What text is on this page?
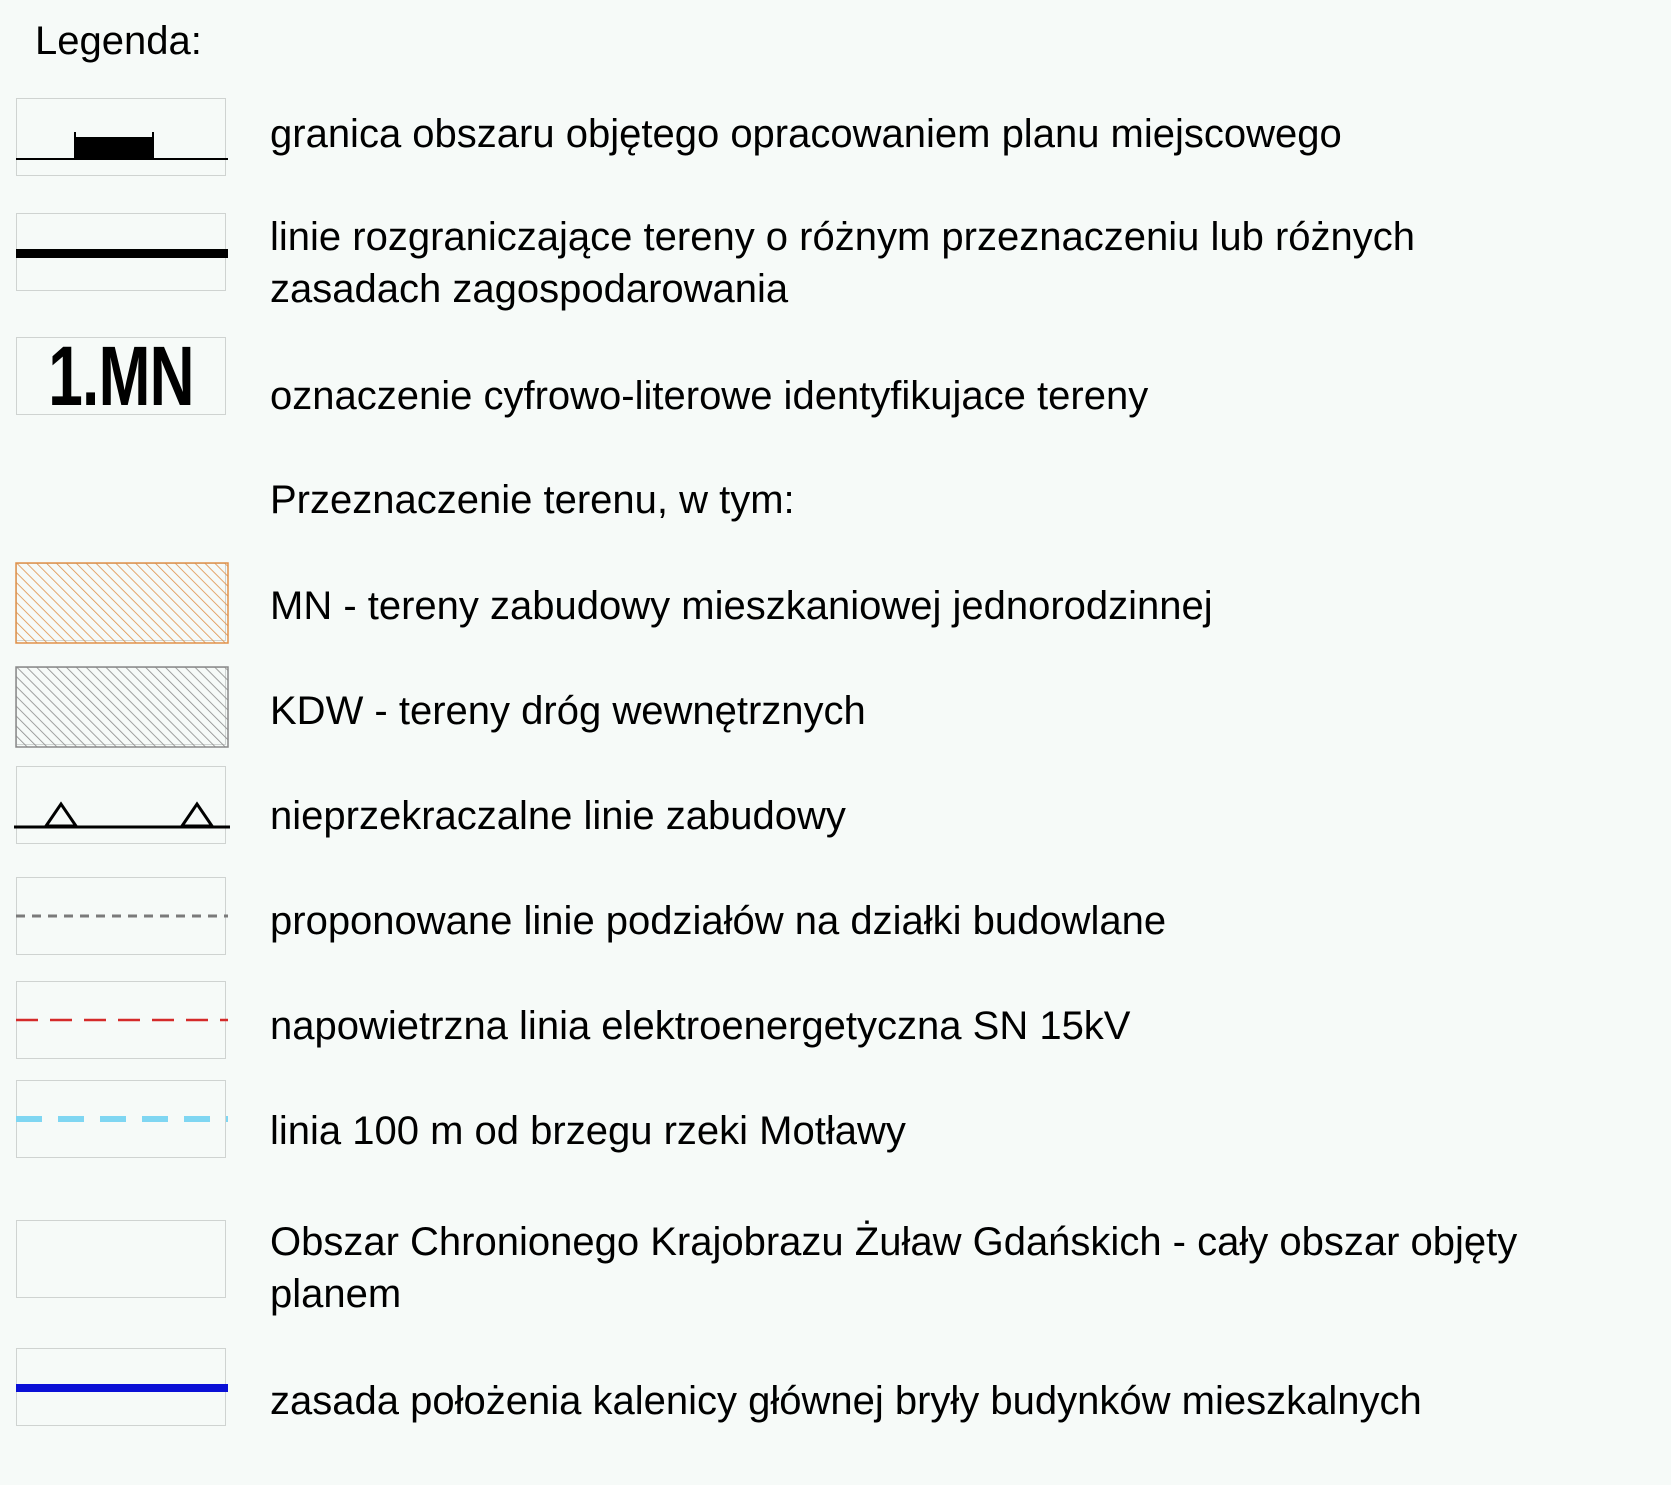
Legenda:
granica obszaru objętego opracowaniem planu miejscowego
linie rozgraniczające tereny o różnym przeznaczeniu lub różnych
zasadach zagospodarowania
1.MN oznaczenie cyfrowo-literowe identyfikujace tereny
Przeznaczenie terenu, w tym:
MN - tereny zabudowy mieszkaniowej jednorodzinnej
KDW - tereny dróg wewnętrznych
nieprzekraczalne linie zabudowy
proponowane linie podziałów na działki budowlane
napowietrzna linia elektroenergetyczna SN 15kV
linia 100 m od brzegu rzeki Motławy
Obszar Chronionego Krajobrazu Żuław Gdańskich - cały obszar objęty
planem
zasada położenia kalenicy głównej bryły budynków mieszkalnych
